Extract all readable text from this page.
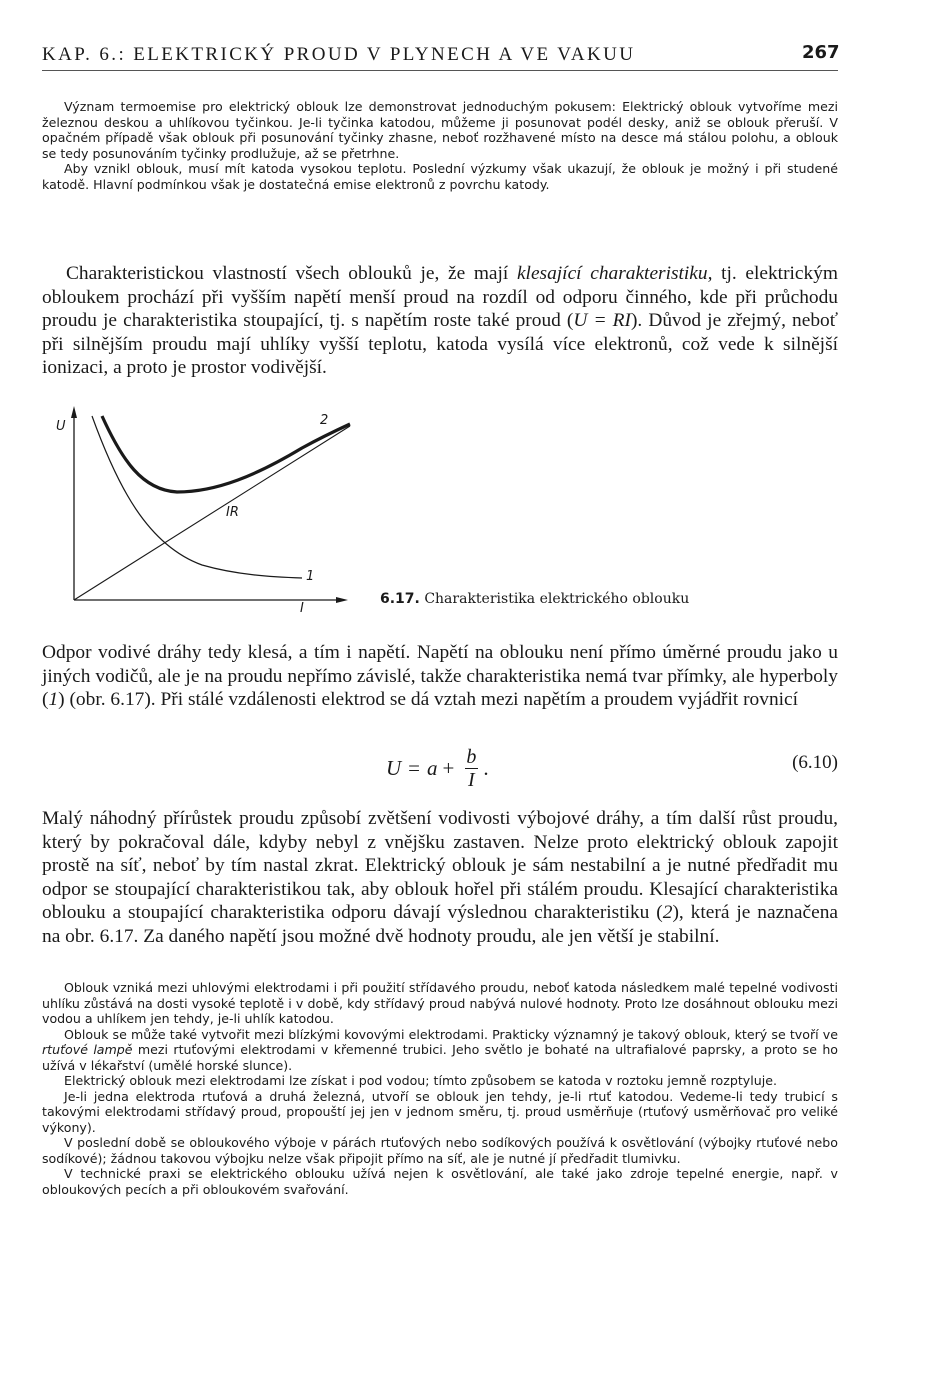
KAP. 6.: ELEKTRICKÝ PROUD V PLYNECH A VE VAKUU	267

Význam termoemise pro elektrický oblouk lze demonstrovat jednoduchým pokusem: Elektrický oblouk vytvoříme mezi železnou deskou a uhlíkovou tyčinkou. Je-li tyčinka katodou, můžeme ji posunovat podél desky, aniž se oblouk přeruší. V opačném případě však oblouk při posunování tyčinky zhasne, neboť rozžhavené místo na desce má stálou polohu, a oblouk se tedy posunováním tyčinky prodlužuje, až se přetrhne.

Aby vznikl oblouk, musí mít katoda vysokou teplotu. Poslední výzkumy však ukazují, že oblouk je možný i při studené katodě. Hlavní podmínkou však je dostatečná emise elektronů z povrchu katody.

Charakteristickou vlastností všech oblouků je, že mají klesající charakteristiku, tj. elektrickým obloukem prochází při vyšším napětí menší proud na rozdíl od odporu činného, kde při průchodu proudu je charakteristika stoupající, tj. s napětím roste také proud (U = RI). Důvod je zřejmý, neboť při silnějším proudu mají uhlíky vyšší teplotu, katoda vysílá více elektronů, což vede k silnější ionizaci, a proto je prostor vodivější.

U
I
2
IR
1
6.17. Charakteristika elektrického oblouku

Odpor vodivé dráhy tedy klesá, a tím i napětí. Napětí na oblouku není přímo úměrné proudu jako u jiných vodičů, ale je na proudu nepřímo závislé, takže charakteristika nemá tvar přímky, ale hyperboly (1) (obr. 6.17). Při stálé vzdálenosti elektrod se dá vztah mezi napětím a proudem vyjádřit rovnicí

$U = a + \frac{b}{I}$ .	(6.10)

Malý náhodný přírůstek proudu způsobí zvětšení vodivosti výbojové dráhy, a tím další růst proudu, který by pokračoval dále, kdyby nebyl z vnějšku zastaven. Nelze proto elektrický oblouk zapojit prostě na síť, neboť by tím nastal zkrat. Elektrický oblouk je sám nestabilní a je nutné předřadit mu odpor se stoupající charakteristikou tak, aby oblouk hořel při stálém proudu. Klesající charakteristika oblouku a stoupající charakteristika odporu dávají výslednou charakteristiku (2), která je naznačena na obr. 6.17. Za daného napětí jsou možné dvě hodnoty proudu, ale jen větší je stabilní.

Oblouk vzniká mezi uhlovými elektrodami i při použití střídavého proudu, neboť katoda následkem malé tepelné vodivosti uhlíku zůstává na dosti vysoké teplotě i v době, kdy střídavý proud nabývá nulové hodnoty. Proto lze dosáhnout oblouku mezi vodou a uhlíkem jen tehdy, je-li uhlík katodou.

Oblouk se může také vytvořit mezi blízkými kovovými elektrodami. Prakticky významný je takový oblouk, který se tvoří ve rtuťové lampě mezi rtuťovými elektrodami v křemenné trubici. Jeho světlo je bohaté na ultrafialové paprsky, a proto se ho užívá v lékařství (umělé horské slunce).

Elektrický oblouk mezi elektrodami lze získat i pod vodou; tímto způsobem se katoda v roztoku jemně rozptyluje.

Je-li jedna elektroda rtuťová a druhá železná, utvoří se oblouk jen tehdy, je-li rtuť katodou. Vedeme-li tedy trubicí s takovými elektrodami střídavý proud, propouští jej jen v jednom směru, tj. proud usměrňuje (rtuťový usměrňovač pro veliké výkony).

V poslední době se obloukového výboje v párách rtuťových nebo sodíkových používá k osvětlování (výbojky rtuťové nebo sodíkové); žádnou takovou výbojku nelze však připojit přímo na síť, ale je nutné jí předřadit tlumivku.

V technické praxi se elektrického oblouku užívá nejen k osvětlování, ale také jako zdroje tepelné energie, např. v obloukových pecích a při obloukovém svařování.
